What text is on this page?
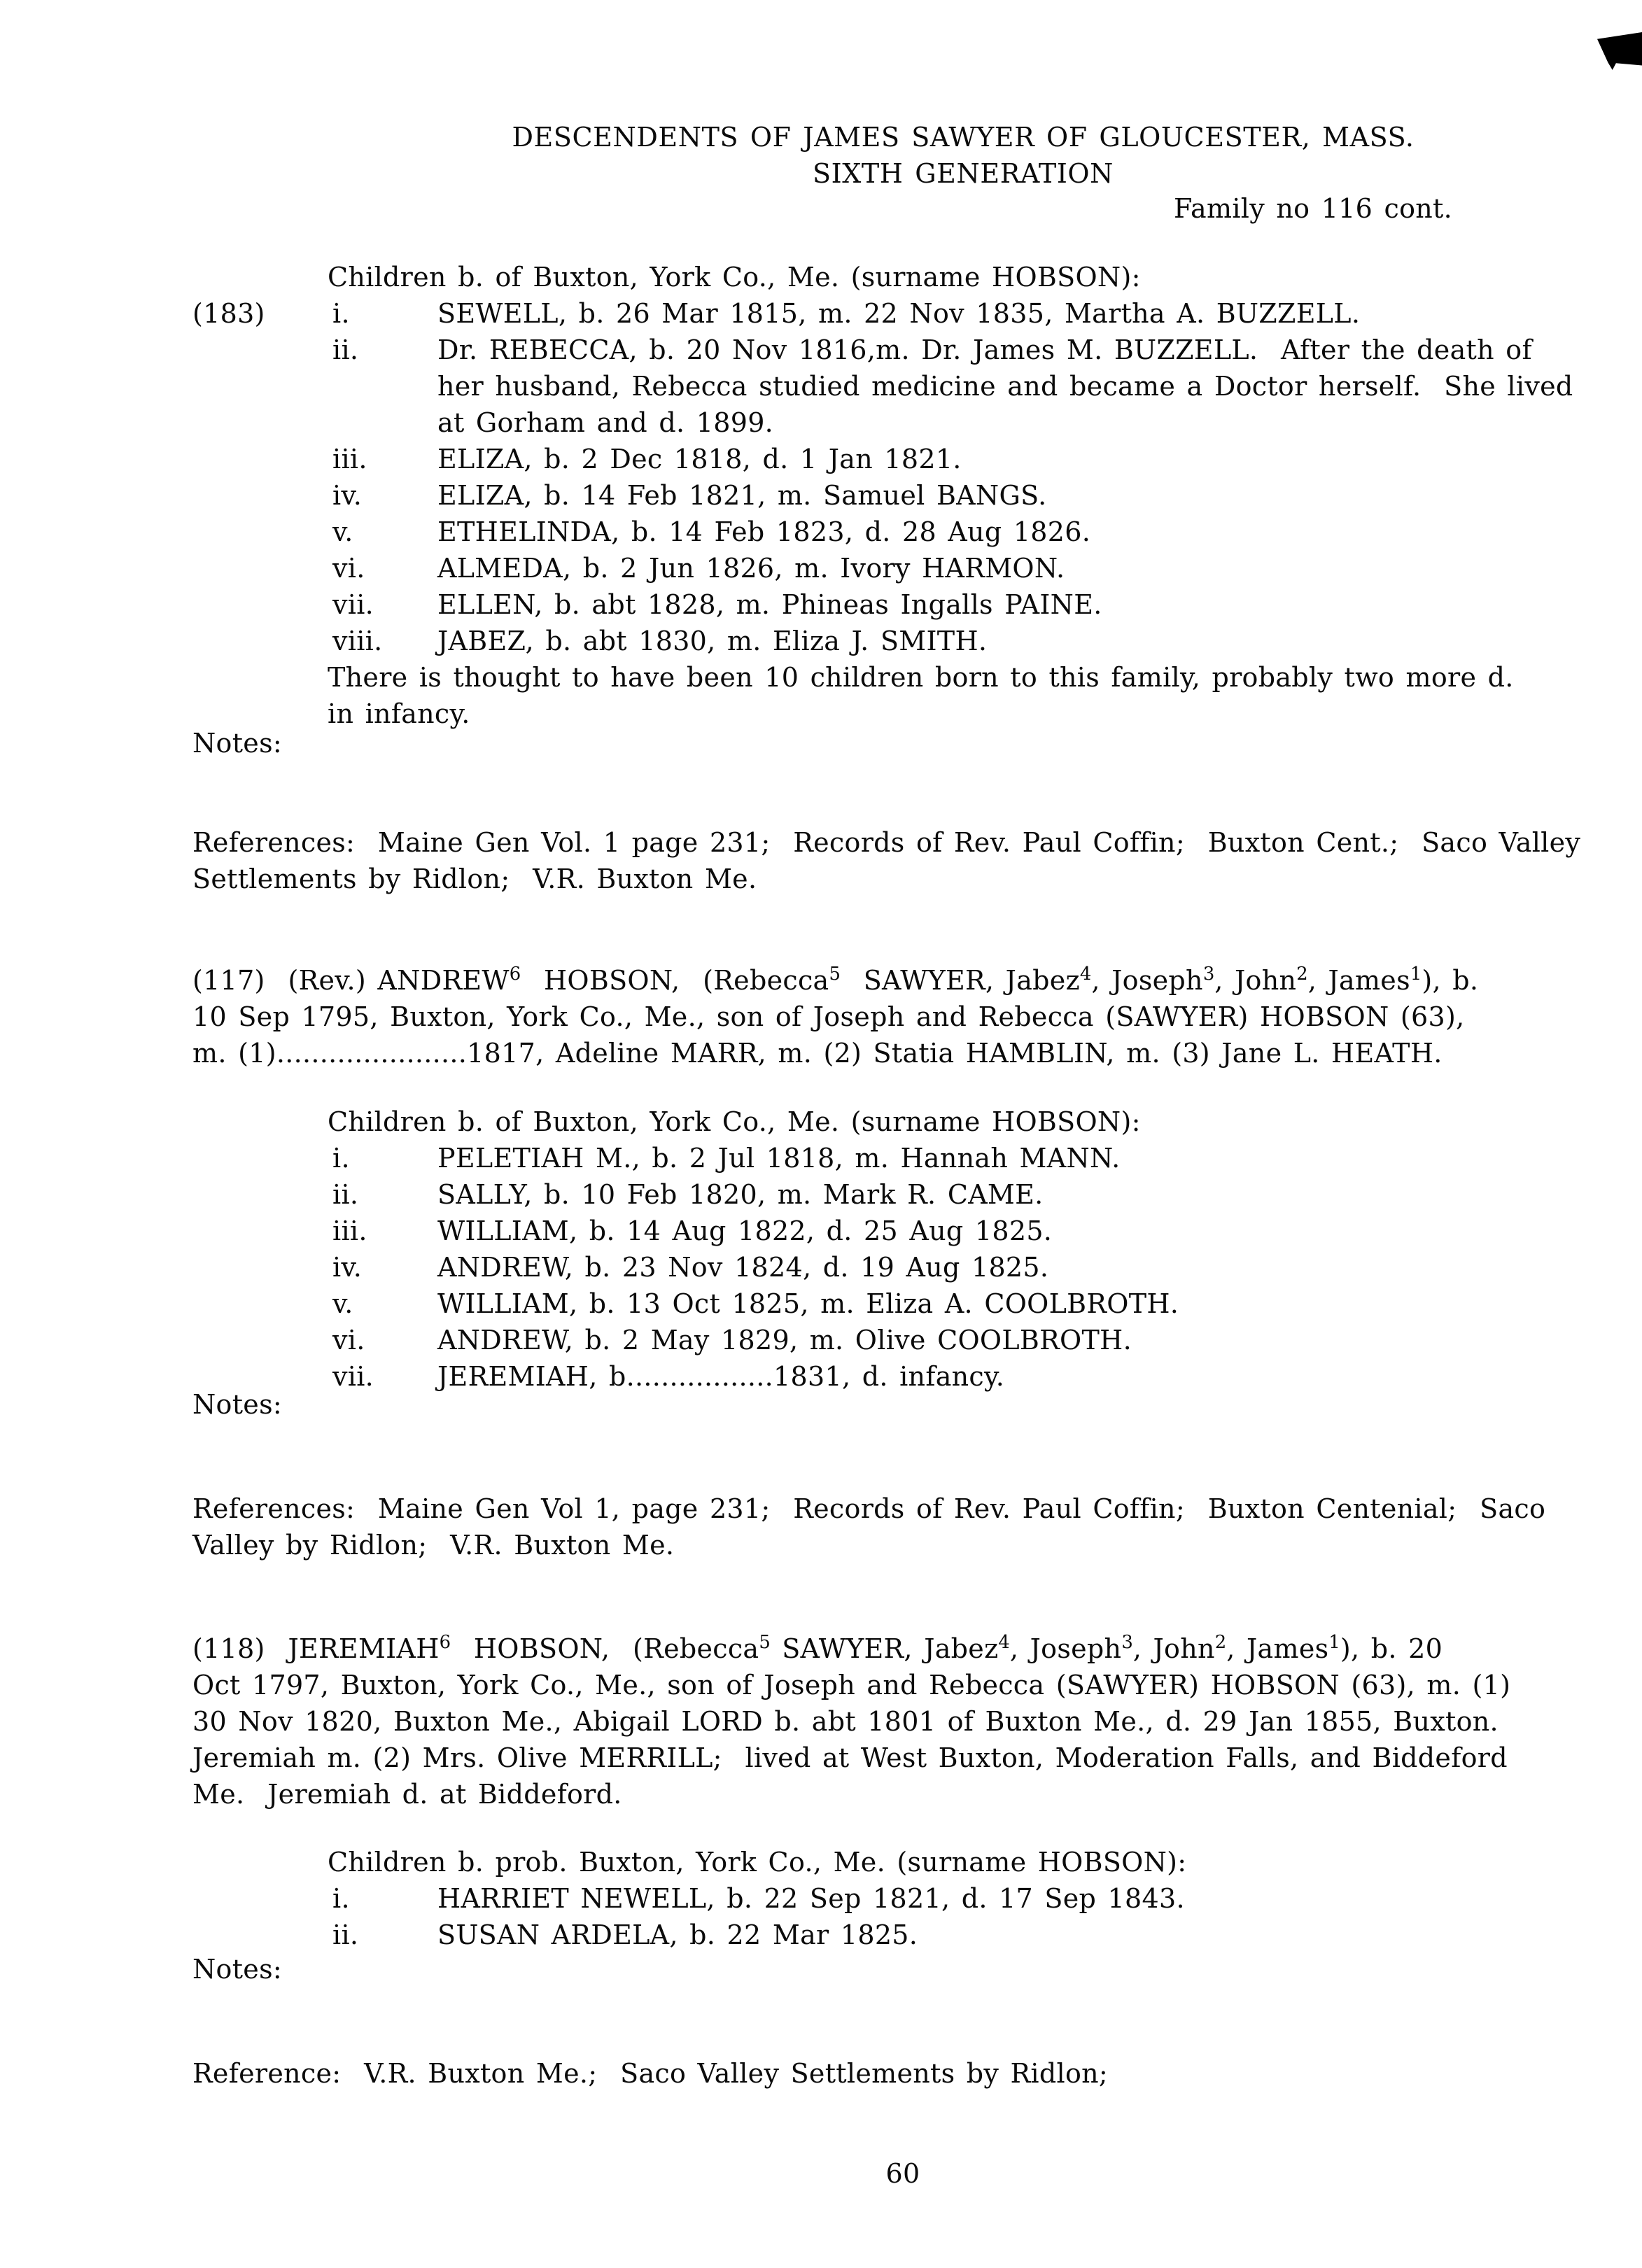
DESCENDENTS OF JAMES SAWYER OF GLOUCESTER, MASS.
SIXTH GENERATION
Family no 116 cont.
Children b. of Buxton, York Co., Me. (surname HOBSON):
(183)	i.	SEWELL, b. 26 Mar 1815, m. 22 Nov 1835, Martha A. BUZZELL.
ii.	Dr. REBECCA, b. 20 Nov 1816,m. Dr. James M. BUZZELL.  After the death of
her husband, Rebecca studied medicine and became a Doctor herself.  She lived
at Gorham and d. 1899.
iii.	ELIZA, b. 2 Dec 1818, d. 1 Jan 1821.
iv.	ELIZA, b. 14 Feb 1821, m. Samuel BANGS.
v.	ETHELINDA, b. 14 Feb 1823, d. 28 Aug 1826.
vi.	ALMEDA, b. 2 Jun 1826, m. Ivory HARMON.
vii. ELLEN, b. abt 1828, m. Phineas Ingalls PAINE.
viii. JABEZ, b. abt 1830, m. Eliza J. SMITH.
There is thought to have been 10 children born to this family, probably two more d.
in infancy.
Notes:
References:  Maine Gen Vol. 1 page 231;  Records of Rev. Paul Coffin;  Buxton Cent.;  Saco Valley
Settlements by Ridlon;  V.R. Buxton Me.
(117)  (Rev.) ANDREW$^6$  HOBSON,  (Rebecca$^5$  SAWYER, Jabez$^4$, Joseph$^3$, John$^2$, James$^1$), b.
10 Sep 1795, Buxton, York Co., Me., son of Joseph and Rebecca (SAWYER) HOBSON (63),
m. (1)......................1817, Adeline MARR, m. (2) Statia HAMBLIN, m. (3) Jane L. HEATH.
Children b. of Buxton, York Co., Me. (surname HOBSON):
i.	PELETIAH M., b. 2 Jul 1818, m. Hannah MANN.
ii.	SALLY, b. 10 Feb 1820, m. Mark R. CAME.
iii.	WILLIAM, b. 14 Aug 1822, d. 25 Aug 1825.
iv.	ANDREW, b. 23 Nov 1824, d. 19 Aug 1825.
v.	WILLIAM, b. 13 Oct 1825, m. Eliza A. COOLBROTH.
vi.	ANDREW, b. 2 May 1829, m. Olive COOLBROTH.
vii. JEREMIAH, b.................1831, d. infancy.
Notes:
References:  Maine Gen Vol 1, page 231;  Records of Rev. Paul Coffin;  Buxton Centenial;  Saco
Valley by Ridlon;  V.R. Buxton Me.
(118)  JEREMIAH$^6$  HOBSON,  (Rebecca$^5$ SAWYER, Jabez$^4$, Joseph$^3$, John$^2$, James$^1$), b. 20
Oct 1797, Buxton, York Co., Me., son of Joseph and Rebecca (SAWYER) HOBSON (63), m. (1)
30 Nov 1820, Buxton Me., Abigail LORD b. abt 1801 of Buxton Me., d. 29 Jan 1855, Buxton.
Jeremiah m. (2) Mrs. Olive MERRILL;  lived at West Buxton, Moderation Falls, and Biddeford
Me.  Jeremiah d. at Biddeford.
Children b. prob. Buxton, York Co., Me. (surname HOBSON):
i.	HARRIET NEWELL, b. 22 Sep 1821, d. 17 Sep 1843.
ii.	SUSAN ARDELA, b. 22 Mar 1825.
Notes:
Reference:  V.R. Buxton Me.;  Saco Valley Settlements by Ridlon;
60
